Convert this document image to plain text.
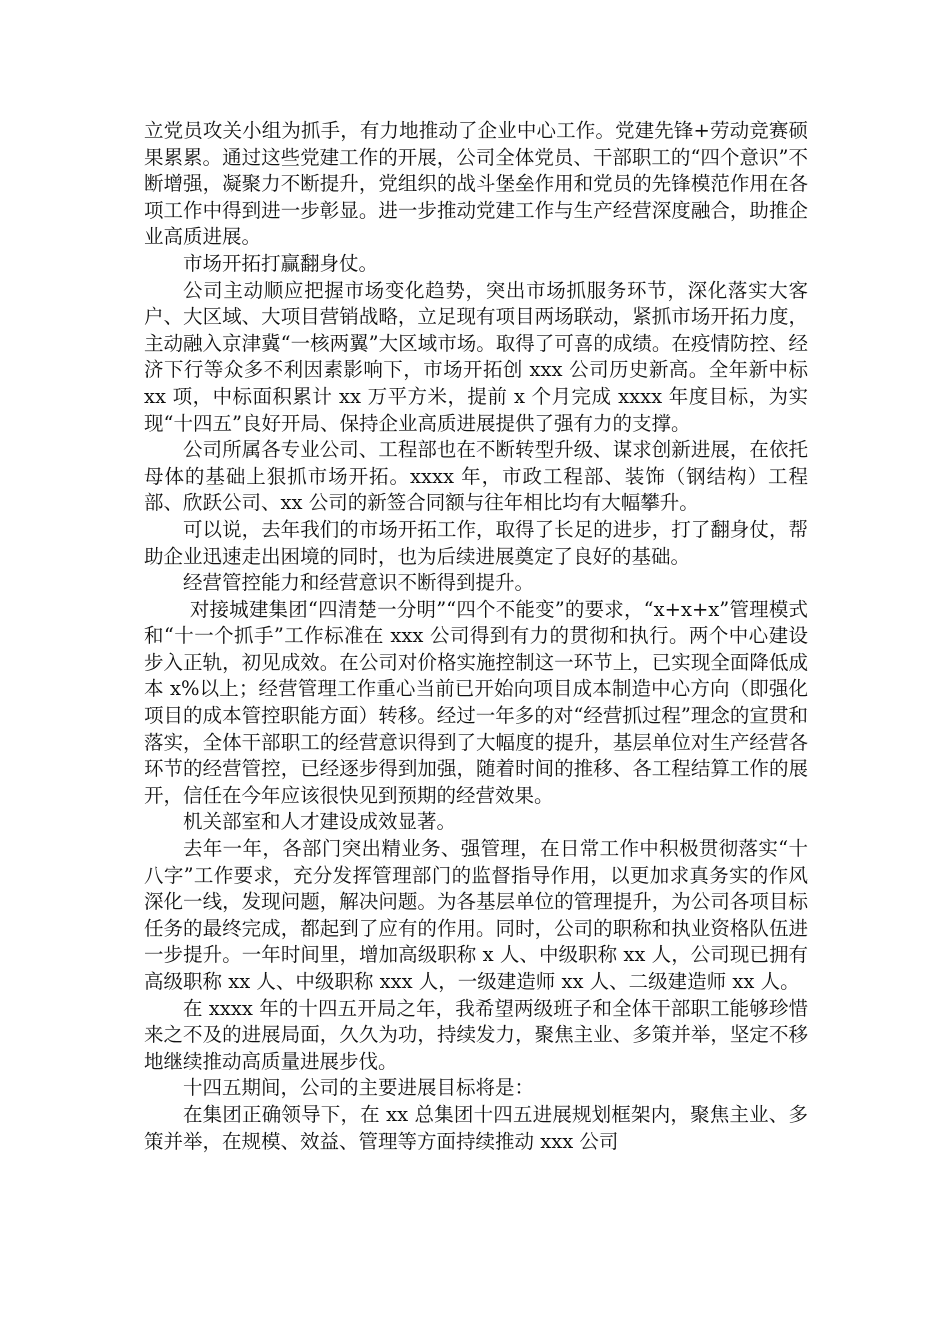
立党员攻关小组为抓手，有力地推动了企业中心工作。党建先锋+劳动竞赛硕果累累。通过这些党建工作的开展，公司全体党员、干部职工的“四个意识”不断增强，凝聚力不断提升，党组织的战斗堡垒作用和党员的先锋模范作用在各项工作中得到进一步彰显。进一步推动党建工作与生产经营深度融合，助推企业高质进展。

市场开拓打赢翻身仗。

公司主动顺应把握市场变化趋势，突出市场抓服务环节，深化落实大客户、大区域、大项目营销战略，立足现有项目两场联动，紧抓市场开拓力度，主动融入京津冀“一核两翼”大区域市场。取得了可喜的成绩。在疫情防控、经济下行等众多不利因素影响下，市场开拓创 xxx 公司历史新高。全年新中标 xx 项，中标面积累计 xx 万平方米，提前 x 个月完成 xxxx 年度目标，为实现“十四五”良好开局、保持企业高质进展提供了强有力的支撑。

公司所属各专业公司、工程部也在不断转型升级、谋求创新进展，在依托母体的基础上狠抓市场开拓。xxxx 年，市政工程部、装饰（钢结构）工程部、欣跃公司、xx 公司的新签合同额与往年相比均有大幅攀升。

可以说，去年我们的市场开拓工作，取得了长足的进步，打了翻身仗，帮助企业迅速走出困境的同时，也为后续进展奠定了良好的基础。

经营管控能力和经营意识不断得到提升。

对接城建集团“四清楚一分明”“四个不能变”的要求，“x+x+x”管理模式和“十一个抓手”工作标准在 xxx 公司得到有力的贯彻和执行。两个中心建设步入正轨，初见成效。在公司对价格实施控制这一环节上，已实现全面降低成本 x%以上；经营管理工作重心当前已开始向项目成本制造中心方向（即强化项目的成本管控职能方面）转移。经过一年多的对“经营抓过程”理念的宣贯和落实，全体干部职工的经营意识得到了大幅度的提升，基层单位对生产经营各环节的经营管控，已经逐步得到加强，随着时间的推移、各工程结算工作的展开，信任在今年应该很快见到预期的经营效果。

机关部室和人才建设成效显著。

去年一年，各部门突出精业务、强管理，在日常工作中积极贯彻落实“十八字”工作要求，充分发挥管理部门的监督指导作用，以更加求真务实的作风深化一线，发现问题，解决问题。为各基层单位的管理提升，为公司各项目标任务的最终完成，都起到了应有的作用。同时，公司的职称和执业资格队伍进一步提升。一年时间里，增加高级职称 x 人、中级职称 xx 人，公司现已拥有高级职称 xx 人、中级职称 xxx 人，一级建造师 xx 人、二级建造师 xx 人。

在 xxxx 年的十四五开局之年，我希望两级班子和全体干部职工能够珍惜来之不及的进展局面，久久为功，持续发力，聚焦主业、多策并举，坚定不移地继续推动高质量进展步伐。

十四五期间，公司的主要进展目标将是：

在集团正确领导下，在 xx 总集团十四五进展规划框架内，聚焦主业、多策并举，在规模、效益、管理等方面持续推动 xxx 公司
